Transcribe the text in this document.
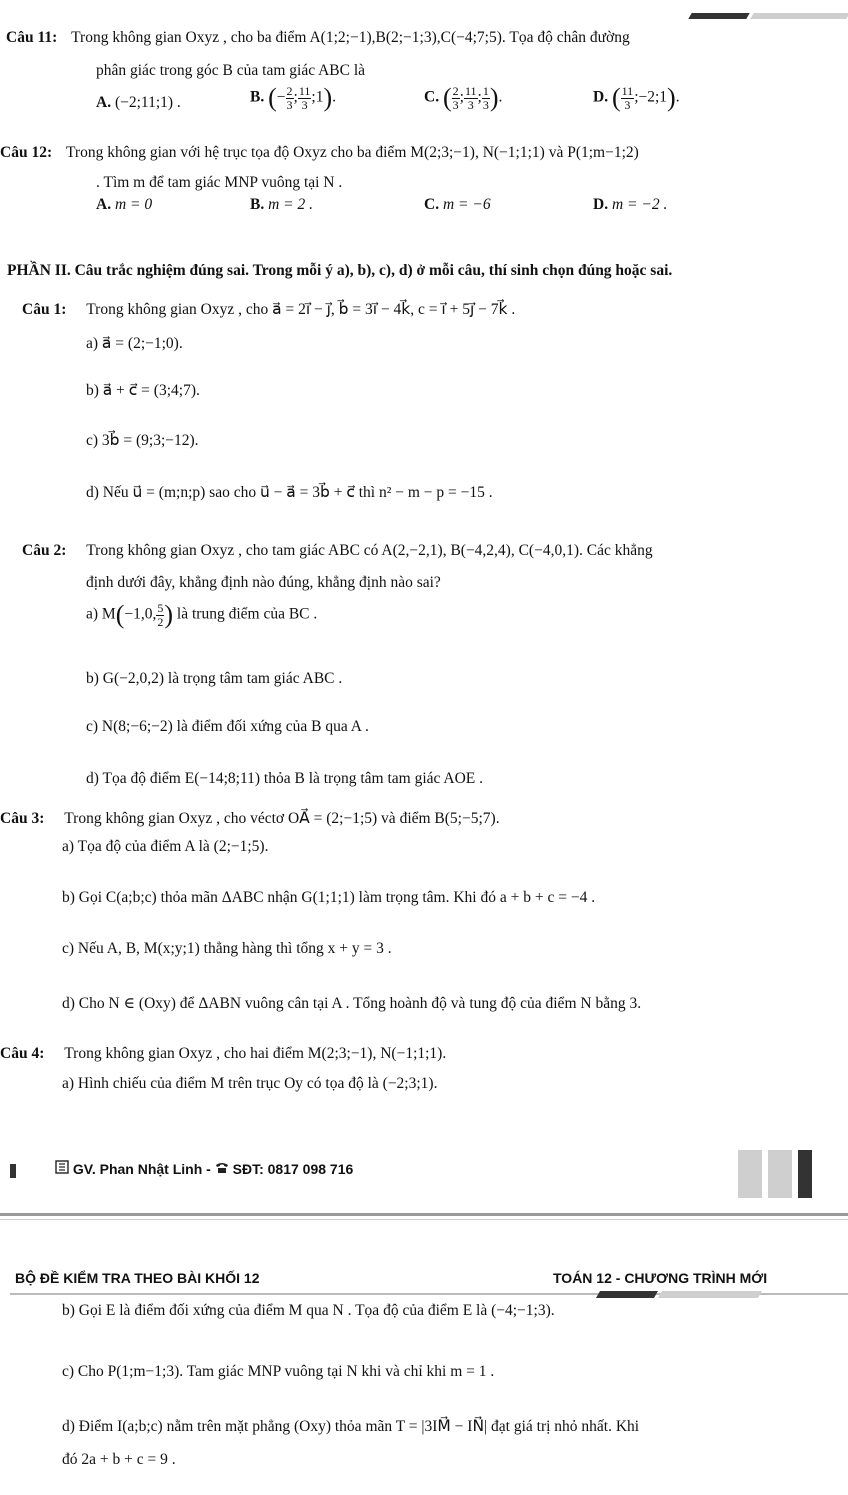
Câu 11: Trong không gian Oxyz , cho ba điểm A(1;2;−1),B(2;−1;3),C(−4;7;5). Tọa độ chân đường
phân giác trong góc B của tam giác ABC là
A. (−2;11;1) .	B. (− $\frac{2}{3}$ ; $\frac{11}{3}$ ;1).	C. ( $\frac{2}{3}$ ; $\frac{11}{3}$ ; $\frac{1}{3}$ ).	D. ( $\frac{11}{3}$ ;−2;1).
Câu 12: Trong không gian với hệ trục tọa độ Oxyz cho ba điểm M(2;3;−1), N(−1;1;1) và P(1;m−1;2)
. Tìm m để tam giác MNP vuông tại N .
A. m = 0	B. m = 2 .	C. m = −6	D. m = −2 .
PHẦN II. Câu trắc nghiệm đúng sai. Trong mỗi ý a), b), c), d) ở mỗi câu, thí sinh chọn đúng hoặc sai.
Câu 1: Trong không gian Oxyz , cho a⃗ = 2i⃗ − j⃗, b⃗ = 3i⃗ − 4k⃗, c = i⃗ + 5j⃗ − 7k⃗ .
a) a⃗ = (2;−1;0).
b) a⃗ + c⃗ = (3;4;7).
c) 3b⃗ = (9;3;−12).
d) Nếu u⃗ = (m;n;p) sao cho u⃗ − a⃗ = 3b⃗ + c⃗ thì n² − m − p = −15 .
Câu 2: Trong không gian Oxyz , cho tam giác ABC có A(2,−2,1), B(−4,2,4), C(−4,0,1). Các khẳng
định dưới đây, khẳng định nào đúng, khẳng định nào sai?
a) M(−1,0, $\frac{5}{2}$ ) là trung điểm của BC .
b) G(−2,0,2) là trọng tâm tam giác ABC .
c) N(8;−6;−2) là điểm đối xứng của B qua A .
d) Tọa độ điểm E(−14;8;11) thỏa B là trọng tâm tam giác AOE .
Câu 3: Trong không gian Oxyz , cho véctơ OA⃗ = (2;−1;5) và điểm B(5;−5;7).
a) Tọa độ của điểm A là (2;−1;5).
b) Gọi C(a;b;c) thỏa mãn ΔABC nhận G(1;1;1) làm trọng tâm. Khi đó a + b + c = −4 .
c) Nếu A, B, M(x;y;1) thẳng hàng thì tổng x + y = 3 .
d) Cho N ∈ (Oxy) để ΔABN vuông cân tại A . Tổng hoành độ và tung độ của điểm N bằng 3.
Câu 4: Trong không gian Oxyz , cho hai điểm M(2;3;−1), N(−1;1;1).
a) Hình chiếu của điểm M trên trục Oy có tọa độ là (−2;3;1).
GV. Phan Nhật Linh - SĐT: 0817 098 716
BỘ ĐỀ KIỂM TRA THEO BÀI KHỐI 12	TOÁN 12 - CHƯƠNG TRÌNH MỚI
b) Gọi E là điểm đối xứng của điểm M qua N . Tọa độ của điểm E là (−4;−1;3).
c) Cho P(1;m−1;3). Tam giác MNP vuông tại N khi và chỉ khi m = 1 .
d) Điểm I(a;b;c) nằm trên mặt phẳng (Oxy) thỏa mãn T = |3IM⃗ − IN⃗| đạt giá trị nhỏ nhất. Khi
đó 2a + b + c = 9 .
